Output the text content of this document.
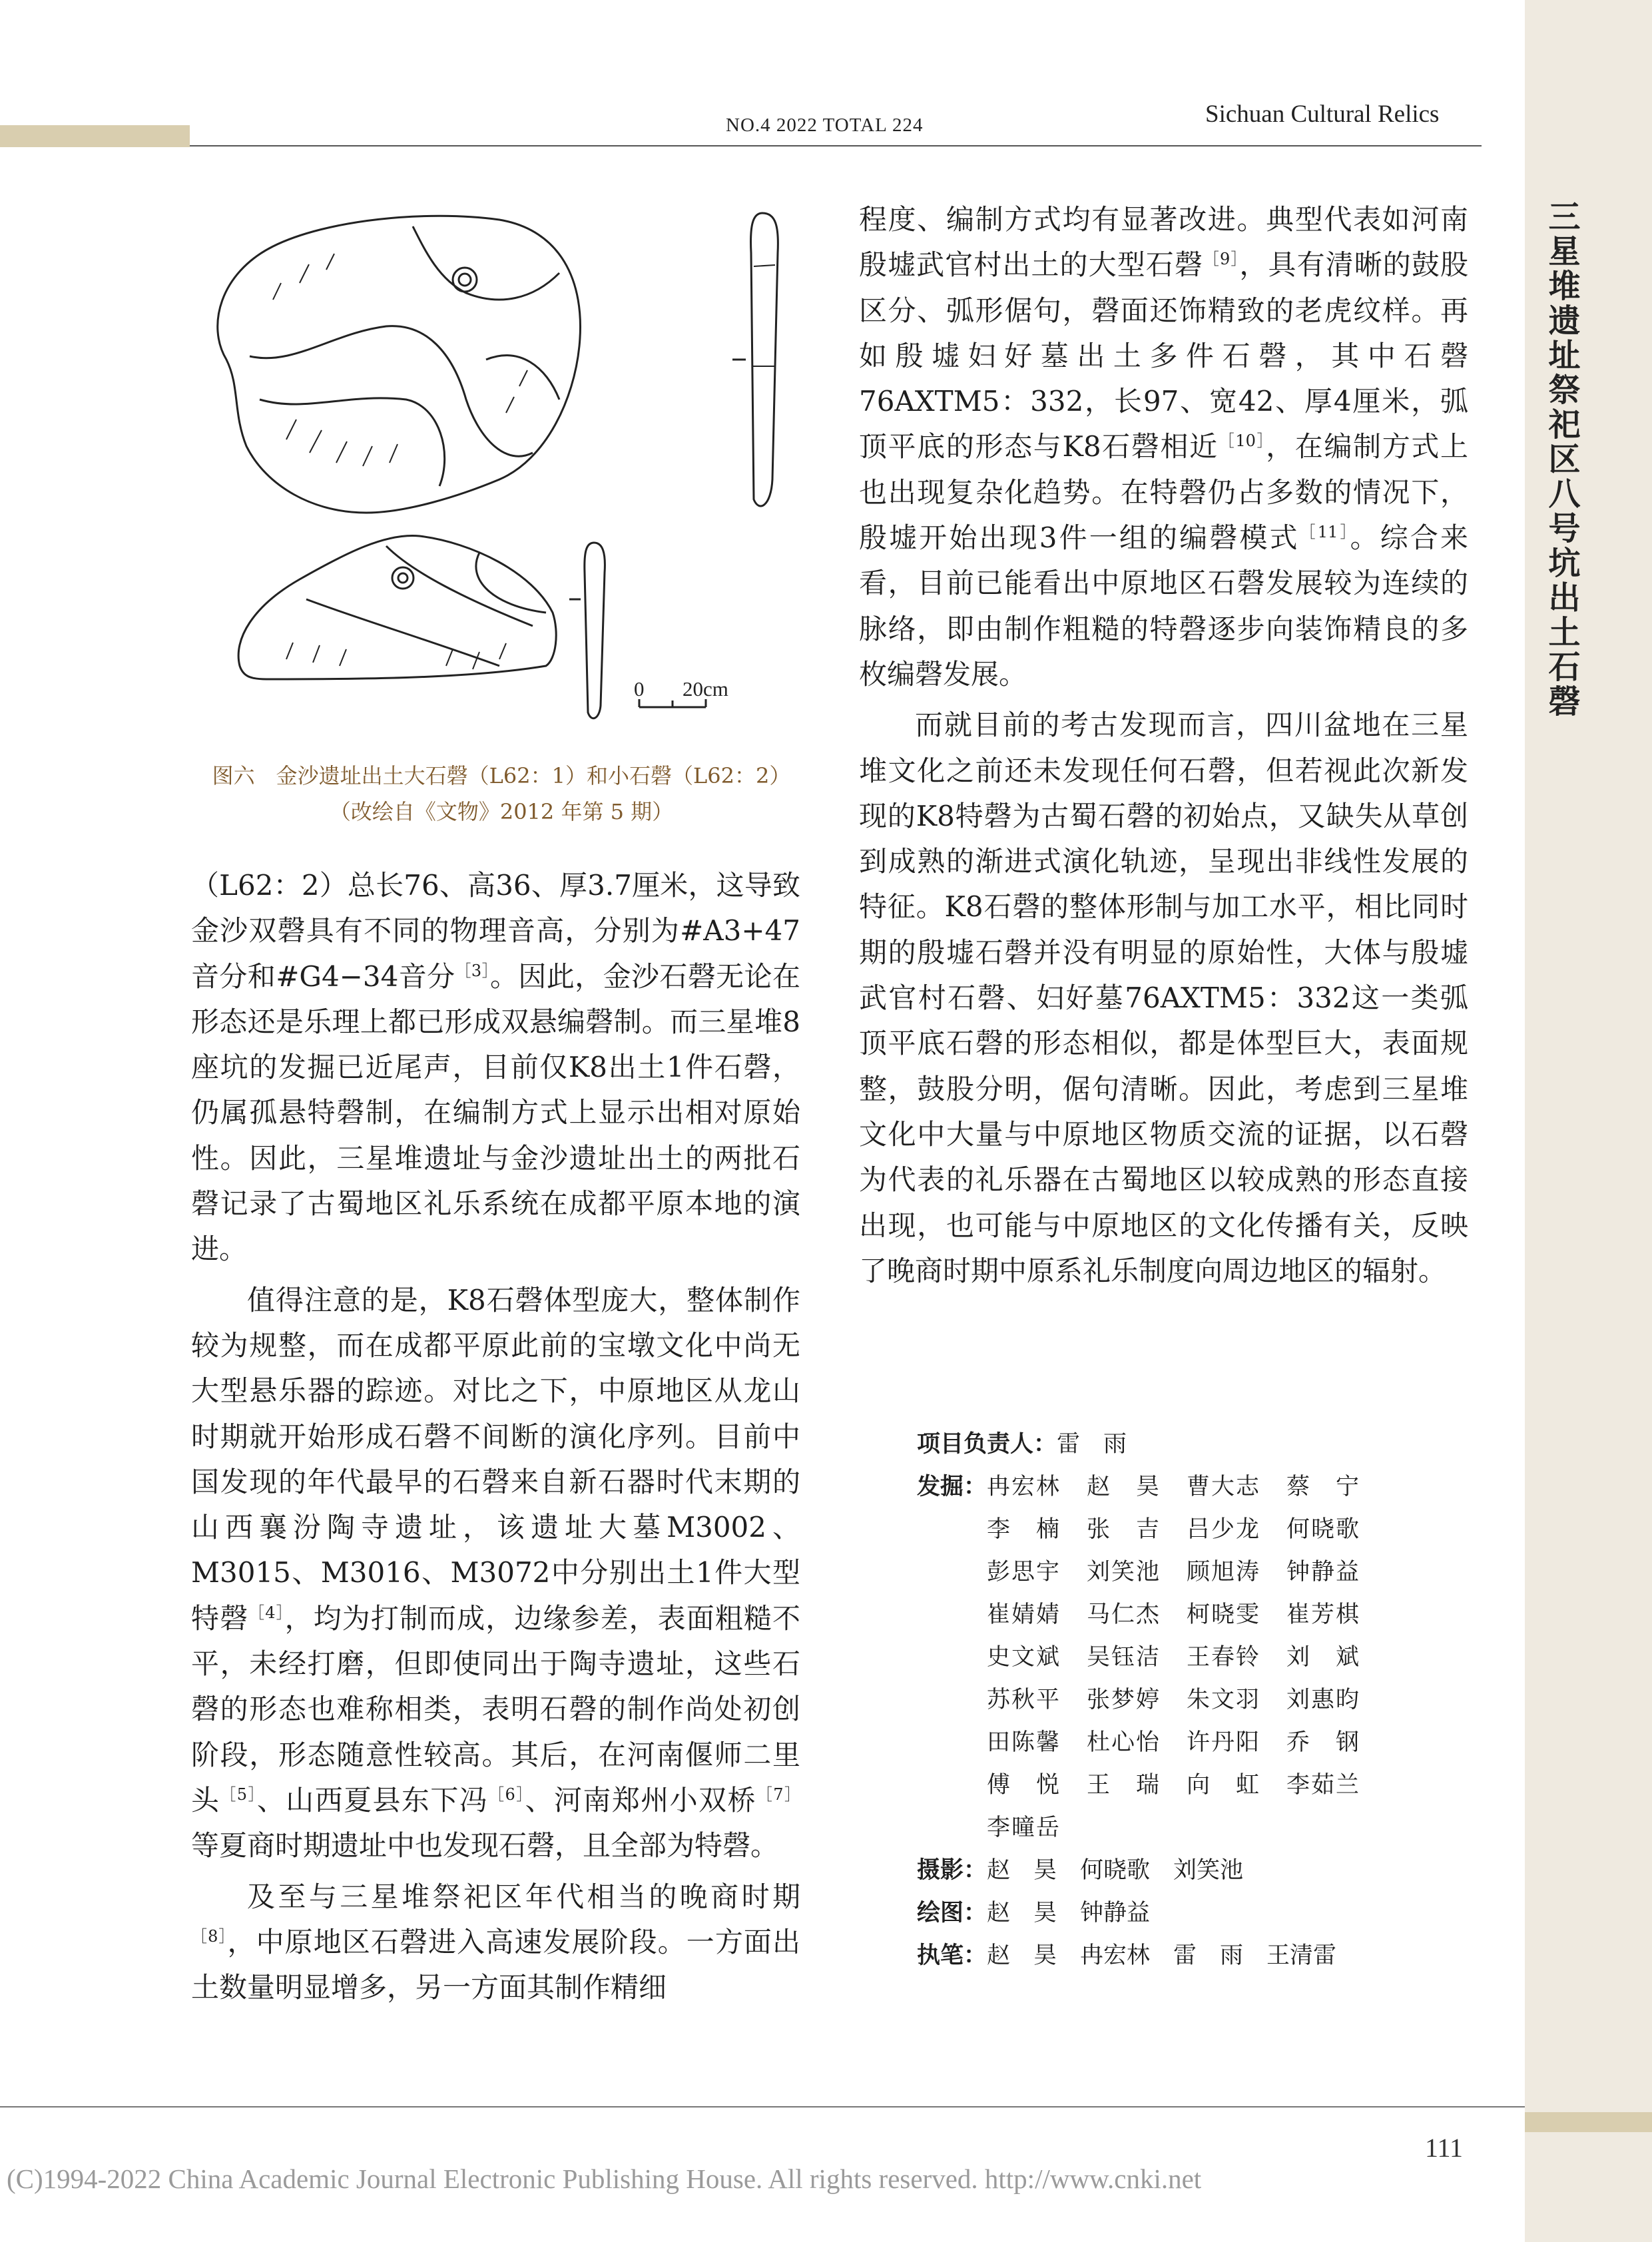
NO.4 2022 TOTAL 224	Sichuan Cultural Relics
三星堆遗址祭祀区八号坑出土石磬
0 20cm
图六　金沙遗址出土大石磬（L62：1）和小石磬（L62：2）
（改绘自《文物》2012 年第 5 期）

（L62：2）总长76、高36、厚3.7厘米，这导致金沙双磬具有不同的物理音高，分别为#A3+47音分和#G4−34音分$^{[3]}$。因此，金沙石磬无论在形态还是乐理上都已形成双悬编磬制。而三星堆8座坑的发掘已近尾声，目前仅K8出土1件石磬，仍属孤悬特磬制，在编制方式上显示出相对原始性。因此，三星堆遗址与金沙遗址出土的两批石磬记录了古蜀地区礼乐系统在成都平原本地的演进。

值得注意的是，K8石磬体型庞大，整体制作较为规整，而在成都平原此前的宝墩文化中尚无大型悬乐器的踪迹。对比之下，中原地区从龙山时期就开始形成石磬不间断的演化序列。目前中国发现的年代最早的石磬来自新石器时代末期的山西襄汾陶寺遗址，该遗址大墓M3002、M3015、M3016、M3072中分别出土1件大型特磬$^{[4]}$，均为打制而成，边缘参差，表面粗糙不平，未经打磨，但即使同出于陶寺遗址，这些石磬的形态也难称相类，表明石磬的制作尚处初创阶段，形态随意性较高。其后，在河南偃师二里头$^{[5]}$、山西夏县东下冯$^{[6]}$、河南郑州小双桥$^{[7]}$等夏商时期遗址中也发现石磬，且全部为特磬。

及至与三星堆祭祀区年代相当的晚商时期$^{[8]}$，中原地区石磬进入高速发展阶段。一方面出土数量明显增多，另一方面其制作精细

程度、编制方式均有显著改进。典型代表如河南殷墟武官村出土的大型石磬$^{[9]}$，具有清晰的鼓股区分、弧形倨句，磬面还饰精致的老虎纹样。再如殷墟妇好墓出土多件石磬，其中石磬76AXTM5：332，长97、宽42、厚4厘米，弧顶平底的形态与K8石磬相近$^{[10]}$，在编制方式上也出现复杂化趋势。在特磬仍占多数的情况下，殷墟开始出现3件一组的编磬模式$^{[11]}$。综合来看，目前已能看出中原地区石磬发展较为连续的脉络，即由制作粗糙的特磬逐步向装饰精良的多枚编磬发展。

而就目前的考古发现而言，四川盆地在三星堆文化之前还未发现任何石磬，但若视此次新发现的K8特磬为古蜀石磬的初始点，又缺失从草创到成熟的渐进式演化轨迹，呈现出非线性发展的特征。K8石磬的整体形制与加工水平，相比同时期的殷墟石磬并没有明显的原始性，大体与殷墟武官村石磬、妇好墓76AXTM5：332这一类弧顶平底石磬的形态相似，都是体型巨大，表面规整，鼓股分明，倨句清晰。因此，考虑到三星堆文化中大量与中原地区物质交流的证据，以石磬为代表的礼乐器在古蜀地区以较成熟的形态直接出现，也可能与中原地区的文化传播有关，反映了晚商时期中原系礼乐制度向周边地区的辐射。

项目负责人：雷　雨
发掘： 冉宏林	赵　昊	曹大志	蔡　宁
李　楠	张　吉	吕少龙	何晓歌
彭思宇	刘笑池	顾旭涛	钟静益
崔婧婧	马仁杰	柯晓雯	崔芳棋
史文斌	吴钰洁	王春铃	刘　斌
苏秋平	张梦婷	朱文羽	刘惠昀
田陈馨	杜心怡	许丹阳	乔　钢
傅　悦	王　瑞	向　虹	李茹兰
李曈岳
摄影：赵　昊　何晓歌　刘笑池
绘图：赵　昊　钟静益
执笔：赵　昊　冉宏林　雷　雨　王清雷
111
(C)1994-2022 China Academic Journal Electronic Publishing House. All rights reserved. http://www.cnki.net
